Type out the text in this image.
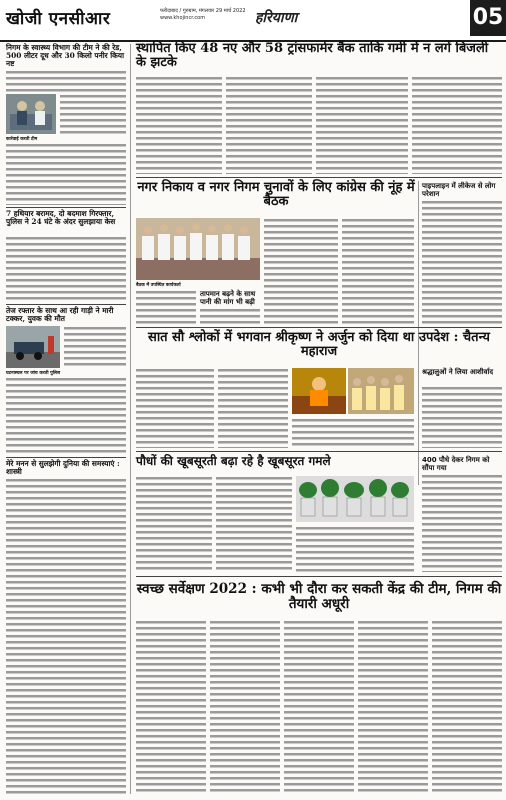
खोजी एनसीआर	फरीदाबाद / गुरुग्राम, मंगलवार 29 मार्च 2022
www.khojincr.com	हरियाणा	05
निगम के स्वास्थ्य विभाग की टीम ने की रेड, 500 लीटर दूध और 30 किलो पनीर किया नष्ट
कार्रवाई करती टीम
7 हथियार बरामद, दो बदमाश गिरफ्तार, पुलिस ने 24 घंटे के अंदर सुलझाया केस
तेज रफ्तार के साथ आ रही गाड़ी ने मारी टक्कर, युवक की मौत
घटनास्थल पर जांच करती पुलिस
मेरे मनन से सुलझेगी दुनिया की समस्याएं : शास्त्री
स्थापित किए 48 नए और 58 ट्रांसफार्मर बैंक ताकि गर्मी में न लगें बिजली के झटके
नगर निकाय व नगर निगम चुनावों के लिए कांग्रेस की नूंह में बैठक
बैठक में उपस्थित कार्यकर्ता
तापमान बढ़ने के साथ पानी की मांग भी बढ़ी
पाइपलाइन में लीकेज से लोग परेशान
सात सौ श्लोकों में भगवान श्रीकृष्ण ने अर्जुन को दिया था उपदेश : चैतन्य महाराज
श्रद्धालुओं ने लिया आशीर्वाद
पौधों की खूबसूरती बढ़ा रहे है खूबसूरत गमले	400 पौधे देकर निगम को सौंपा गया
स्वच्छ सर्वेक्षण 2022 : कभी भी दौरा कर सकती केंद्र की टीम, निगम की तैयारी अधूरी
